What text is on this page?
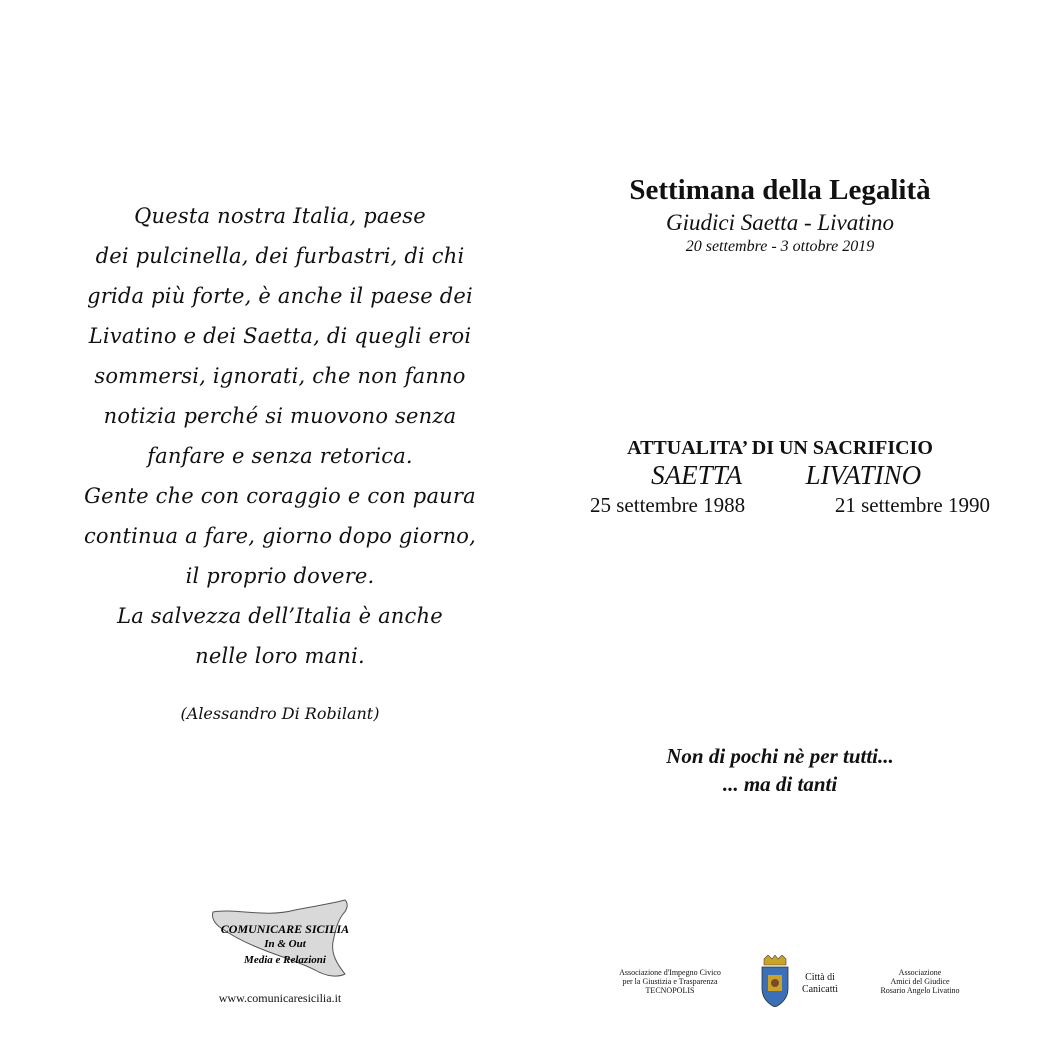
Questa nostra Italia, paese
dei pulcinella, dei furbastri, di chi
grida più forte, è anche il paese dei
Livatino e dei Saetta, di quegli eroi
sommersi, ignorati, che non fanno
notizia perché si muovono senza
fanfare e senza retorica.
Gente che con coraggio e con paura
continua a fare, giorno dopo giorno,
il proprio dovere.
La salvezza dell’Italia è anche
nelle loro mani.
(Alessandro Di Robilant)
Settimana della Legalità
Giudici Saetta - Livatino
20 settembre - 3 ottobre 2019
ATTUALITA’ DI UN SACRIFICIO
SAETTA LIVATINO
25 settembre 1988	21 settembre 1990
Non di pochi nè per tutti...
... ma di tanti
COMUNICARE SICILIA
In & Out
Media e Relazioni
www.comunicaresicilia.it
Associazione d'Impegno Civico
per la Giustizia e Trasparenza
TECNOPOLIS
Città di
Canicattì
Associazione
Amici del Giudice
Rosario Angelo Livatino
